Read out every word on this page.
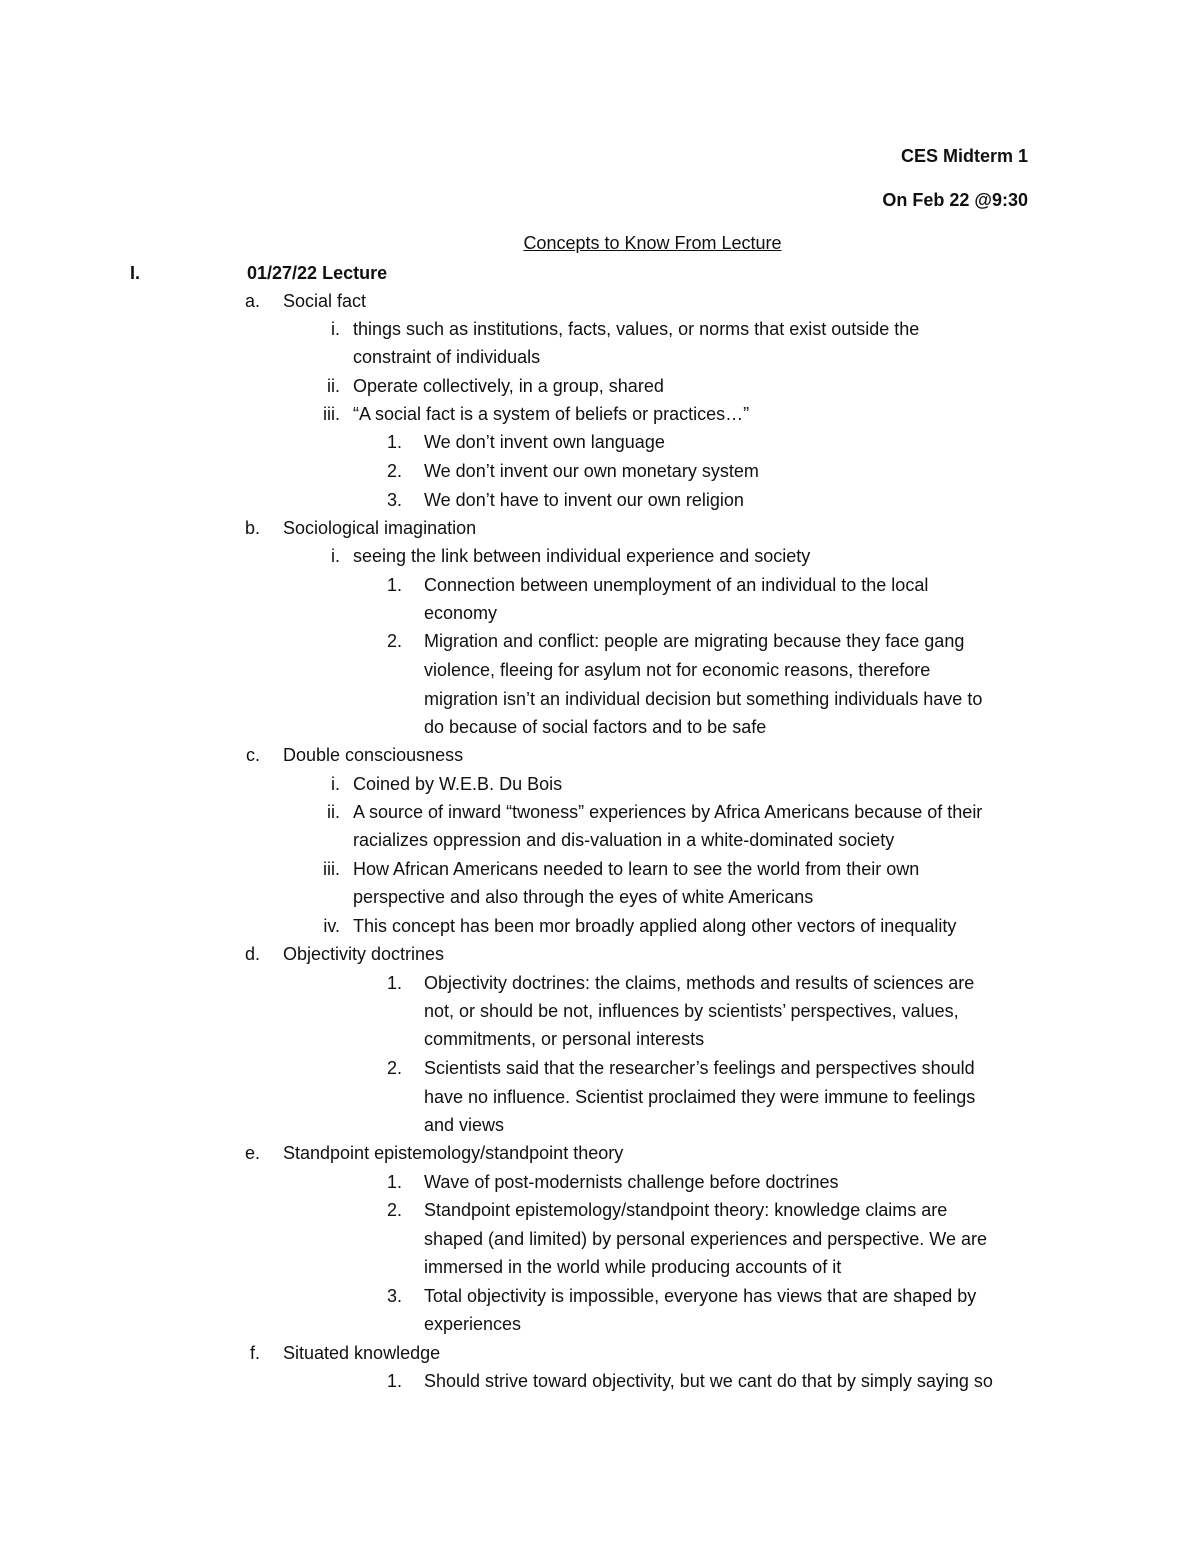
CES Midterm 1
On Feb 22 @9:30
Concepts to Know From Lecture
I.	01/27/22 Lecture
a. Social fact
i. things such as institutions, facts, values, or norms that exist outside the
constraint of individuals
ii. Operate collectively, in a group, shared
iii. “A social fact is a system of beliefs or practices…”
1. We don’t invent own language
2. We don’t invent our own monetary system
3. We don’t have to invent our own religion
b. Sociological imagination
i. seeing the link between individual experience and society
1. Connection between unemployment of an individual to the local
economy
2. Migration and conflict: people are migrating because they face gang
violence, fleeing for asylum not for economic reasons, therefore
migration isn’t an individual decision but something individuals have to
do because of social factors and to be safe
c. Double consciousness
i. Coined by W.E.B. Du Bois
ii. A source of inward “twoness” experiences by Africa Americans because of their
racializes oppression and dis-valuation in a white-dominated society
iii. How African Americans needed to learn to see the world from their own
perspective and also through the eyes of white Americans
iv. This concept has been mor broadly applied along other vectors of inequality
d. Objectivity doctrines
1. Objectivity doctrines: the claims, methods and results of sciences are
not, or should be not, influences by scientists’ perspectives, values,
commitments, or personal interests
2. Scientists said that the researcher’s feelings and perspectives should
have no influence. Scientist proclaimed they were immune to feelings
and views
e. Standpoint epistemology/standpoint theory
1. Wave of post-modernists challenge before doctrines
2. Standpoint epistemology/standpoint theory: knowledge claims are
shaped (and limited) by personal experiences and perspective. We are
immersed in the world while producing accounts of it
3. Total objectivity is impossible, everyone has views that are shaped by
experiences
f. Situated knowledge
1. Should strive toward objectivity, but we cant do that by simply saying so
